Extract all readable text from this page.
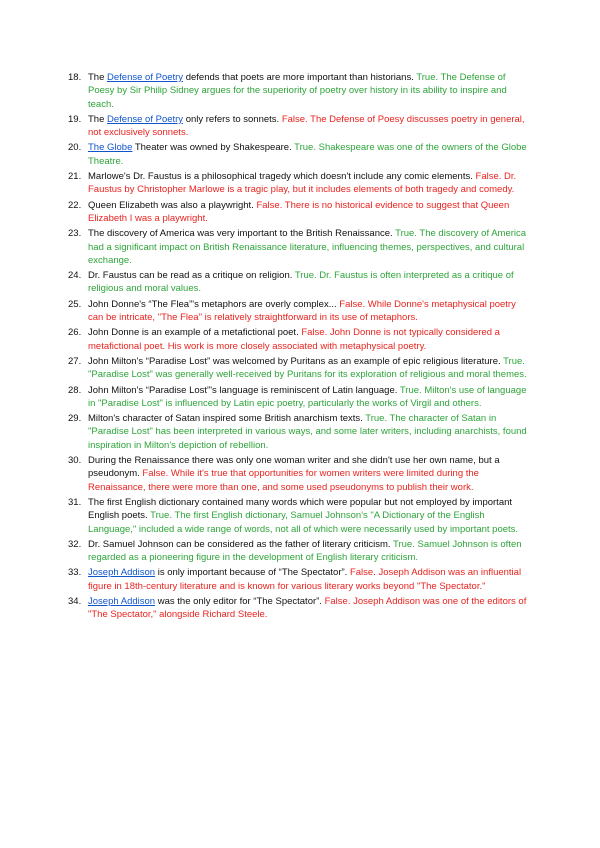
18. The Defense of Poetry defends that poets are more important than historians. True. The Defense of Poesy by Sir Philip Sidney argues for the superiority of poetry over history in its ability to inspire and teach.
19. The Defense of Poetry only refers to sonnets. False. The Defense of Poesy discusses poetry in general, not exclusively sonnets.
20. The Globe Theater was owned by Shakespeare. True. Shakespeare was one of the owners of the Globe Theatre.
21. Marlowe's Dr. Faustus is a philosophical tragedy which doesn't include any comic elements. False. Dr. Faustus by Christopher Marlowe is a tragic play, but it includes elements of both tragedy and comedy.
22. Queen Elizabeth was also a playwright. False. There is no historical evidence to suggest that Queen Elizabeth I was a playwright.
23. The discovery of America was very important to the British Renaissance. True. The discovery of America had a significant impact on British Renaissance literature, influencing themes, perspectives, and cultural exchange.
24. Dr. Faustus can be read as a critique on religion. True. Dr. Faustus is often interpreted as a critique of religious and moral values.
25. John Donne's “The Flea”'s metaphors are overly complex... False. While Donne's metaphysical poetry can be intricate, "The Flea" is relatively straightforward in its use of metaphors.
26. John Donne is an example of a metafictional poet. False. John Donne is not typically considered a metafictional poet. His work is more closely associated with metaphysical poetry.
27. John Milton's “Paradise Lost” was welcomed by Puritans as an example of epic religious literature. True. "Paradise Lost" was generally well-received by Puritans for its exploration of religious and moral themes.
28. John Milton's “Paradise Lost”'s language is reminiscent of Latin language. True. Milton's use of language in "Paradise Lost" is influenced by Latin epic poetry, particularly the works of Virgil and others.
29. Milton's character of Satan inspired some British anarchism texts. True. The character of Satan in "Paradise Lost" has been interpreted in various ways, and some later writers, including anarchists, found inspiration in Milton's depiction of rebellion.
30. During the Renaissance there was only one woman writer and she didn't use her own name, but a pseudonym. False. While it's true that opportunities for women writers were limited during the Renaissance, there were more than one, and some used pseudonyms to publish their work.
31. The first English dictionary contained many words which were popular but not employed by important English poets. True. The first English dictionary, Samuel Johnson's "A Dictionary of the English Language," included a wide range of words, not all of which were necessarily used by important poets.
32. Dr. Samuel Johnson can be considered as the father of literary criticism. True. Samuel Johnson is often regarded as a pioneering figure in the development of English literary criticism.
33. Joseph Addison is only important because of “The Spectator”. False. Joseph Addison was an influential figure in 18th-century literature and is known for various literary works beyond "The Spectator."
34. Joseph Addison was the only editor for “The Spectator”. False. Joseph Addison was one of the editors of "The Spectator," alongside Richard Steele.
